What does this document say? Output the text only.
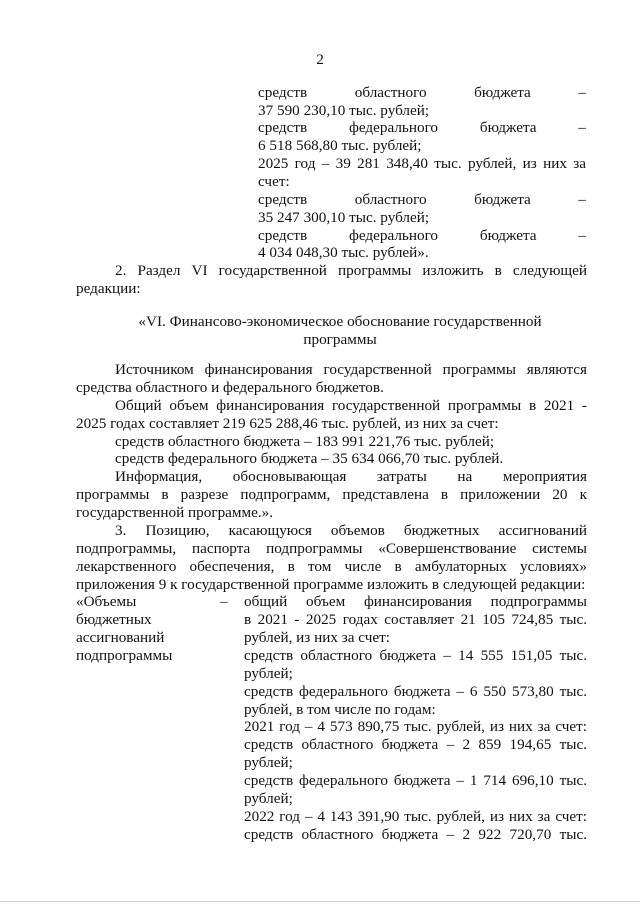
2
средств областного бюджета –
37 590 230,10 тыс. рублей;
средств федерального бюджета –
6 518 568,80 тыс. рублей;
2025 год – 39 281 348,40 тыс. рублей, из них за
счет:
средств областного бюджета –
35 247 300,10 тыс. рублей;
средств федерального бюджета –
4 034 048,30 тыс. рублей».
2. Раздел VI государственной программы изложить в следующей
редакции:
«VI. Финансово-экономическое обоснование государственной
программы
Источником финансирования государственной программы являются
средства областного и федерального бюджетов.
Общий объем финансирования государственной программы в 2021 -
2025 годах составляет 219 625 288,46 тыс. рублей, из них за счет:
средств областного бюджета – 183 991 221,76 тыс. рублей;
средств федерального бюджета – 35 634 066,70 тыс. рублей.
Информация, обосновывающая затраты на мероприятия
программы в разрезе подпрограмм, представлена в приложении 20 к
государственной программе.».
3. Позицию, касающуюся объемов бюджетных ассигнований
подпрограммы, паспорта подпрограммы «Совершенствование системы
лекарственного обеспечения, в том числе в амбулаторных условиях»
приложения 9 к государственной программе изложить в следующей редакции:
«Объемы	–
бюджетных
ассигнований
подпрограммы
общий объем финансирования подпрограммы
в 2021 - 2025 годах составляет 21 105 724,85 тыс.
рублей, из них за счет:
средств областного бюджета – 14 555 151,05 тыс.
рублей;
средств федерального бюджета – 6 550 573,80 тыс.
рублей, в том числе по годам:
2021 год – 4 573 890,75 тыс. рублей, из них за счет:
средств областного бюджета – 2 859 194,65 тыс.
рублей;
средств федерального бюджета – 1 714 696,10 тыс.
рублей;
2022 год – 4 143 391,90 тыс. рублей, из них за счет:
средств областного бюджета – 2 922 720,70 тыс.
